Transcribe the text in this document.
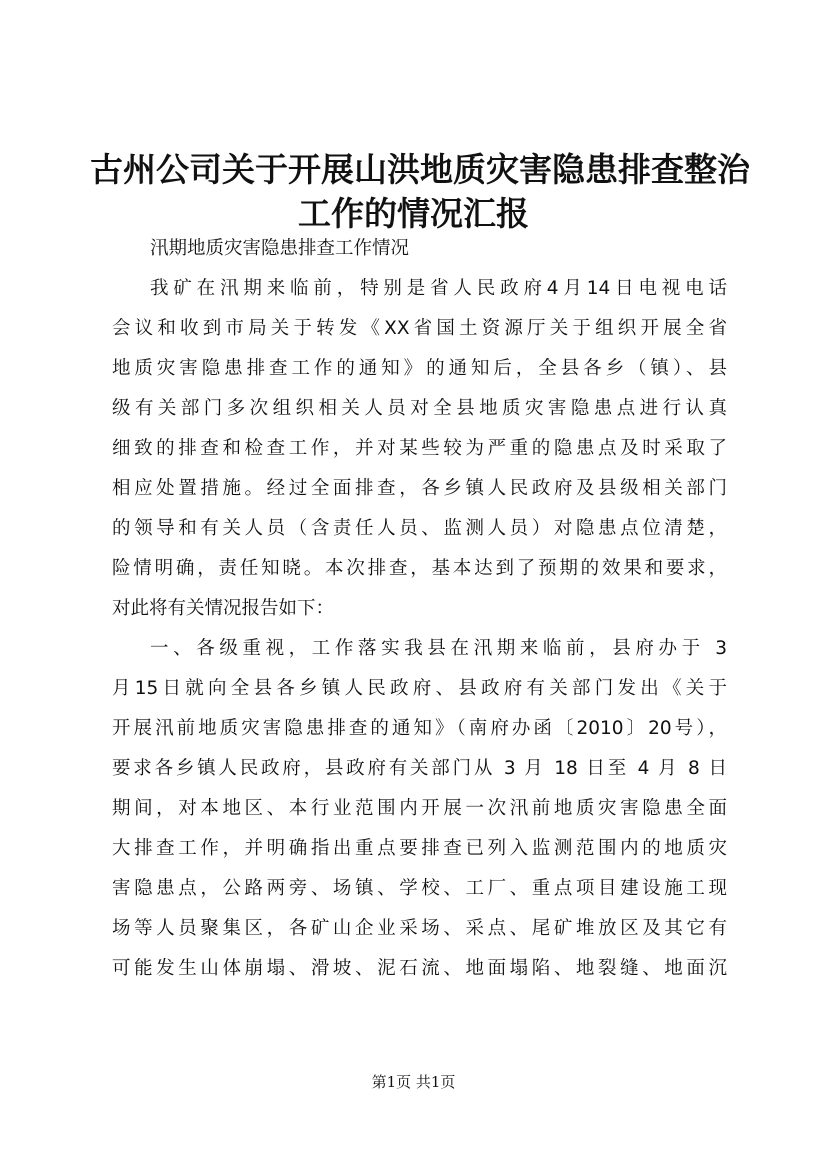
古州公司关于开展山洪地质灾害隐患排查整治
工作的情况汇报
汛期地质灾害隐患排查工作情况
我矿在汛期来临前，特别是省人民政府4月14日电视电话
会议和收到市局关于转发《XX省国土资源厅关于组织开展全省
地质灾害隐患排查工作的通知》的通知后，全县各乡（镇）、县
级有关部门多次组织相关人员对全县地质灾害隐患点进行认真
细致的排查和检查工作，并对某些较为严重的隐患点及时采取了
相应处置措施。经过全面排查，各乡镇人民政府及县级相关部门
的领导和有关人员（含责任人员、监测人员）对隐患点位清楚，
险情明确，责任知晓。本次排查，基本达到了预期的效果和要求，
对此将有关情况报告如下：
一、各级重视，工作落实我县在汛期来临前，县府办于 3
月15日就向全县各乡镇人民政府、县政府有关部门发出《关于
开展汛前地质灾害隐患排查的通知》（南府办函〔2010〕20号），
要求各乡镇人民政府，县政府有关部门从 3 月 18 日至 4 月 8 日
期间，对本地区、本行业范围内开展一次汛前地质灾害隐患全面
大排查工作，并明确指出重点要排查已列入监测范围内的地质灾
害隐患点，公路两旁、场镇、学校、工厂、重点项目建设施工现
场等人员聚集区，各矿山企业采场、采点、尾矿堆放区及其它有
可能发生山体崩塌、滑坡、泥石流、地面塌陷、地裂缝、地面沉
第1页 共1页
